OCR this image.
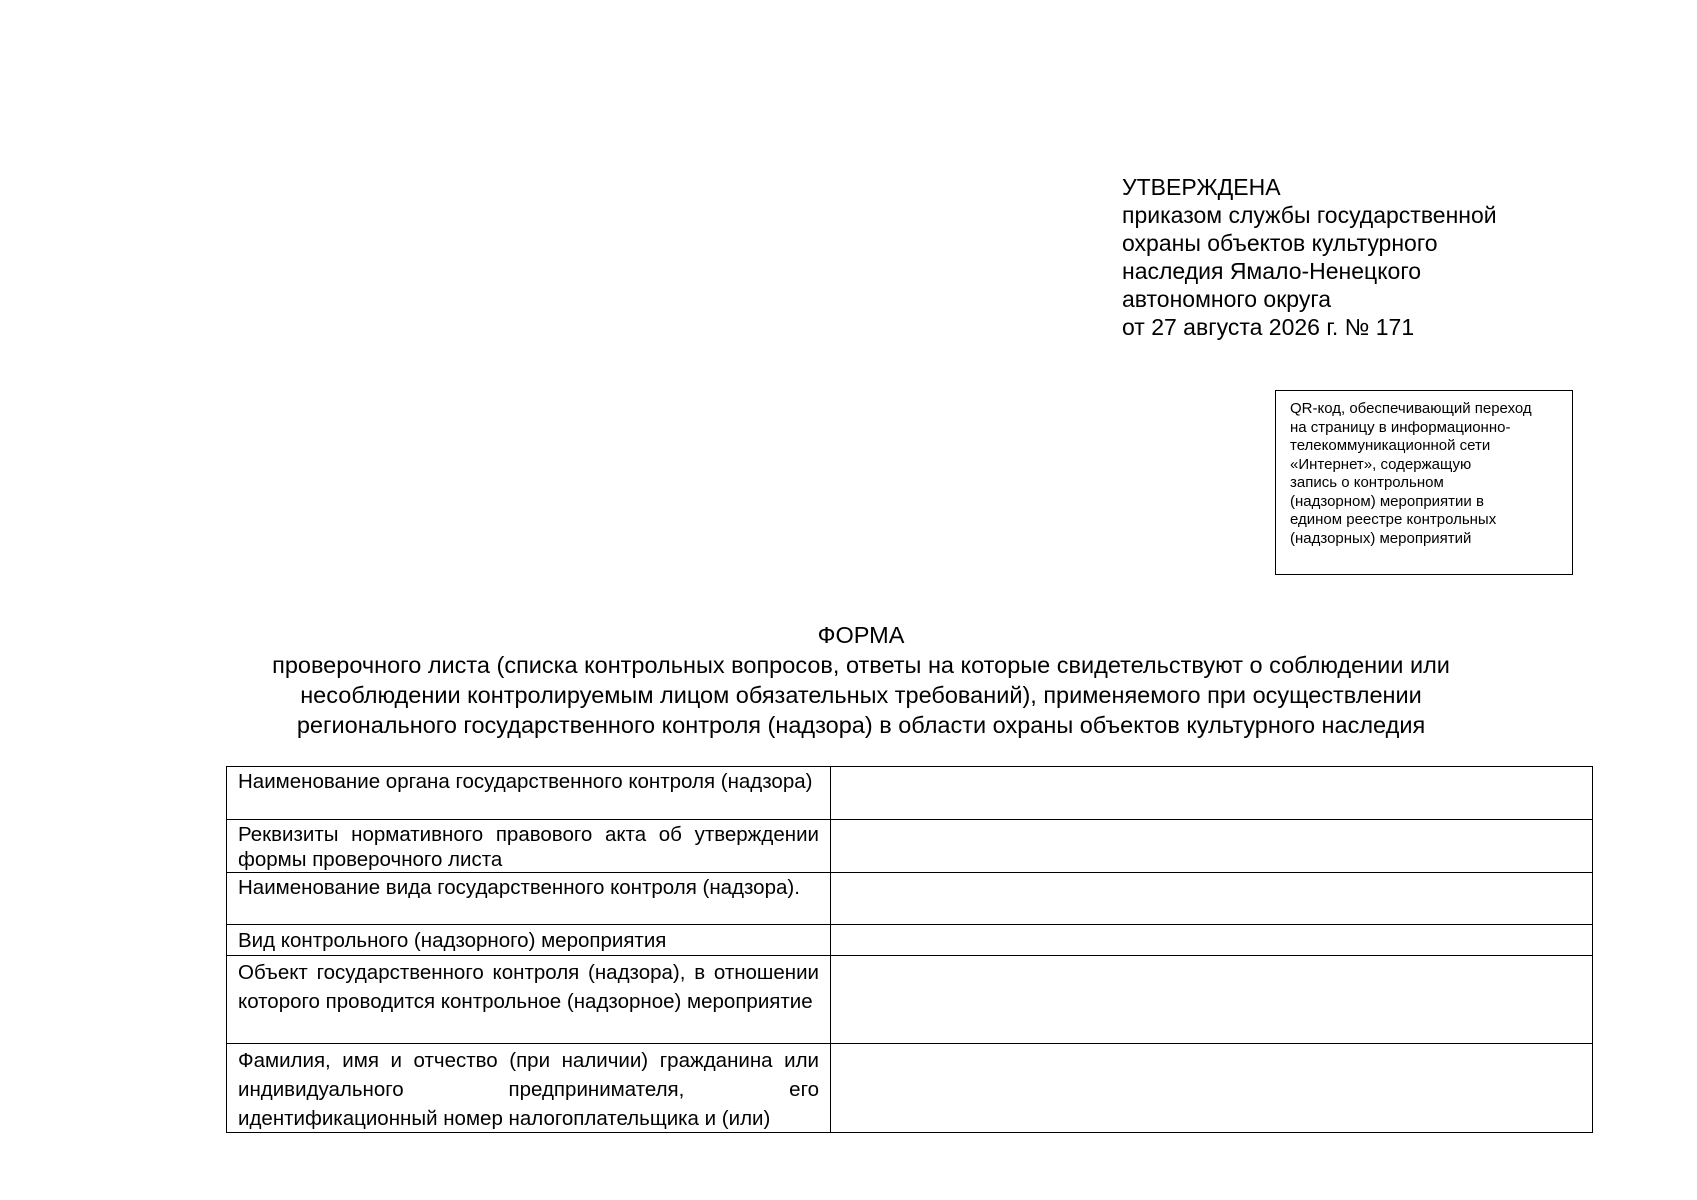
УТВЕРЖДЕНА
приказом службы государственной
охраны объектов культурного
наследия Ямало-Ненецкого
автономного округа
от 27 августа 2026 г. № 171
QR-код, обеспечивающий переход
на страницу в информационно-
телекоммуникационной сети
«Интернет», содержащую
запись о контрольном
(надзорном) мероприятии в
едином реестре контрольных
(надзорных) мероприятий
ФОРМА
проверочного листа (списка контрольных вопросов, ответы на которые свидетельствуют о соблюдении или
несоблюдении контролируемым лицом обязательных требований), применяемого при осуществлении
регионального государственного контроля (надзора) в области охраны объектов культурного наследия
Наименование органа государственного контроля (надзора)	
Реквизиты нормативного правового акта об утверждении формы проверочного листа	
Наименование вида государственного контроля (надзора).	
Вид контрольного (надзорного) мероприятия	
Объект государственного контроля (надзора), в отношении которого проводится контрольное (надзорное) мероприятие	

Фамилия, имя и отчество (при наличии) гражданина или индивидуального предпринимателя, его идентификационный номер налогоплательщика и (или)	
